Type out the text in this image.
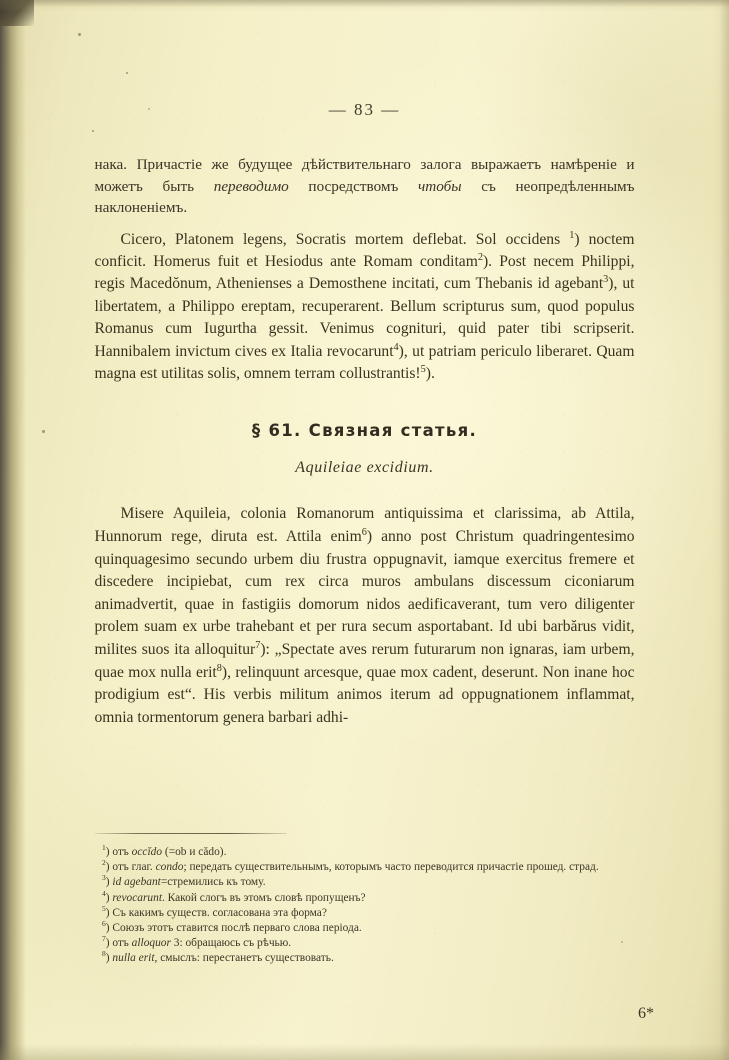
— 83 —

нака. Причастіе же будущее дѣйствительнаго залога выражаетъ намѣреніе и можетъ быть переводимо посредствомъ чтобы съ неопредѣленнымъ наклоненіемъ.

Cicero, Platonem legens, Socratis mortem deflebat. Sol occidens $^1$) noctem conficit. Homerus fuit et Hesiodus ante Romam conditam$^2$). Post necem Philippi, regis Macedŏnum, Athenienses a Demosthene incitati, cum Thebanis id agebant$^3$), ut libertatem, a Philippo ereptam, recuperarent. Bellum scripturus sum, quod populus Romanus cum Iugurtha gessit. Venimus cognituri, quid pater tibi scripserit. Hannibalem invictum cives ex Italia revocarunt$^4$), ut patriam periculo liberaret. Quam magna est utilitas solis, omnem terram collustrantis!$^5$).

§ 61. Связная статья.

Aquileiae excidium.

Misere Aquileia, colonia Romanorum antiquissima et clarissima, ab Attila, Hunnorum rege, diruta est. Attila enim$^6$) anno post Christum quadringentesimo quinquagesimo secundo urbem diu frustra oppugnavit, iamque exercitus fremere et discedere incipiebat, cum rex circa muros ambulans discessum ciconiarum animadvertit, quae in fastigiis domorum nidos aedificaverant, tum vero diligenter prolem suam ex urbe trahebant et per rura secum asportabant. Id ubi barbărus vidit, milites suos ita alloquitur$^7$): „Spectate aves rerum futurarum non ignaras, iam urbem, quae mox nulla erit$^8$), relinquunt arcesque, quae mox cadent, deserunt. Non inane hoc prodigium est“. His verbis militum animos iterum ad oppugnationem inflammat, omnia tormentorum genera barbari adhi-

$^1$) отъ occĭdo (=ob и cădo).

$^2$) отъ глаг. condo; передать существительнымъ, которымъ часто переводится причастіе прошед. страд.

$^3$) id agebant=стремились къ тому.

$^4$) revocarunt. Какой слогъ въ этомъ словѣ пропущенъ?

$^5$) Съ какимъ существ. согласована эта форма?

$^6$) Союзъ этотъ ставится послѣ перваго слова періода.

$^7$) отъ alloquor 3: обращаюсь съ рѣчью.

$^8$) nulla erit, смыслъ: перестанетъ существовать.

6*
